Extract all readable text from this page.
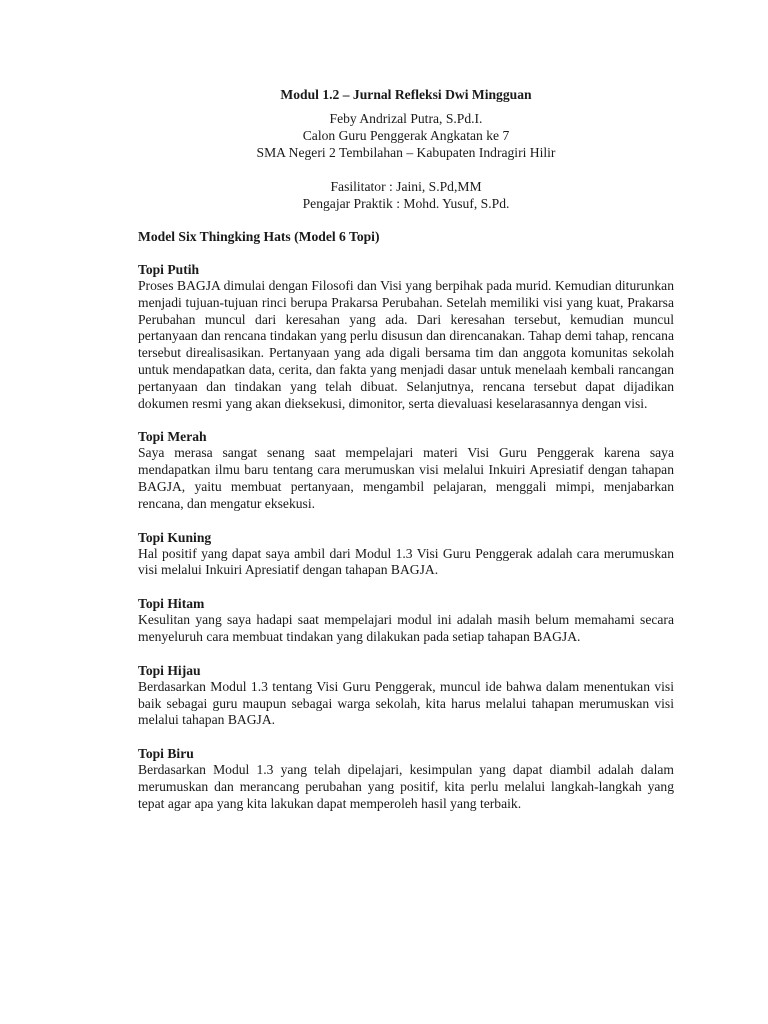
Modul 1.2 – Jurnal Refleksi Dwi Mingguan

Feby Andrizal Putra, S.Pd.I.

Calon Guru Penggerak Angkatan ke 7

SMA Negeri 2 Tembilahan – Kabupaten Indragiri Hilir

Fasilitator : Jaini, S.Pd,MM

Pengajar Praktik : Mohd. Yusuf, S.Pd.

Model Six Thingking Hats (Model 6 Topi)

Topi Putih

Proses BAGJA dimulai dengan Filosofi dan Visi yang berpihak pada murid. Kemudian diturunkan menjadi tujuan-tujuan rinci berupa Prakarsa Perubahan. Setelah memiliki visi yang kuat, Prakarsa Perubahan muncul dari keresahan yang ada. Dari keresahan tersebut, kemudian muncul pertanyaan dan rencana tindakan yang perlu disusun dan direncanakan. Tahap demi tahap, rencana tersebut direalisasikan. Pertanyaan yang ada digali bersama tim dan anggota komunitas sekolah untuk mendapatkan data, cerita, dan fakta yang menjadi dasar untuk menelaah kembali rancangan pertanyaan dan tindakan yang telah dibuat. Selanjutnya, rencana tersebut dapat dijadikan dokumen resmi yang akan dieksekusi, dimonitor, serta dievaluasi keselarasannya dengan visi.

Topi Merah

Saya merasa sangat senang saat mempelajari materi Visi Guru Penggerak karena saya mendapatkan ilmu baru tentang cara merumuskan visi melalui Inkuiri Apresiatif dengan tahapan BAGJA, yaitu membuat pertanyaan, mengambil pelajaran, menggali mimpi, menjabarkan rencana, dan mengatur eksekusi.

Topi Kuning

Hal positif yang dapat saya ambil dari Modul 1.3 Visi Guru Penggerak adalah cara merumuskan visi melalui Inkuiri Apresiatif dengan tahapan BAGJA.

Topi Hitam

Kesulitan yang saya hadapi saat mempelajari modul ini adalah masih belum memahami secara menyeluruh cara membuat tindakan yang dilakukan pada setiap tahapan BAGJA.

Topi Hijau

Berdasarkan Modul 1.3 tentang Visi Guru Penggerak, muncul ide bahwa dalam menentukan visi baik sebagai guru maupun sebagai warga sekolah, kita harus melalui tahapan merumuskan visi melalui tahapan BAGJA.

Topi Biru

Berdasarkan Modul 1.3 yang telah dipelajari, kesimpulan yang dapat diambil adalah dalam merumuskan dan merancang perubahan yang positif, kita perlu melalui langkah-langkah yang tepat agar apa yang kita lakukan dapat memperoleh hasil yang terbaik.
